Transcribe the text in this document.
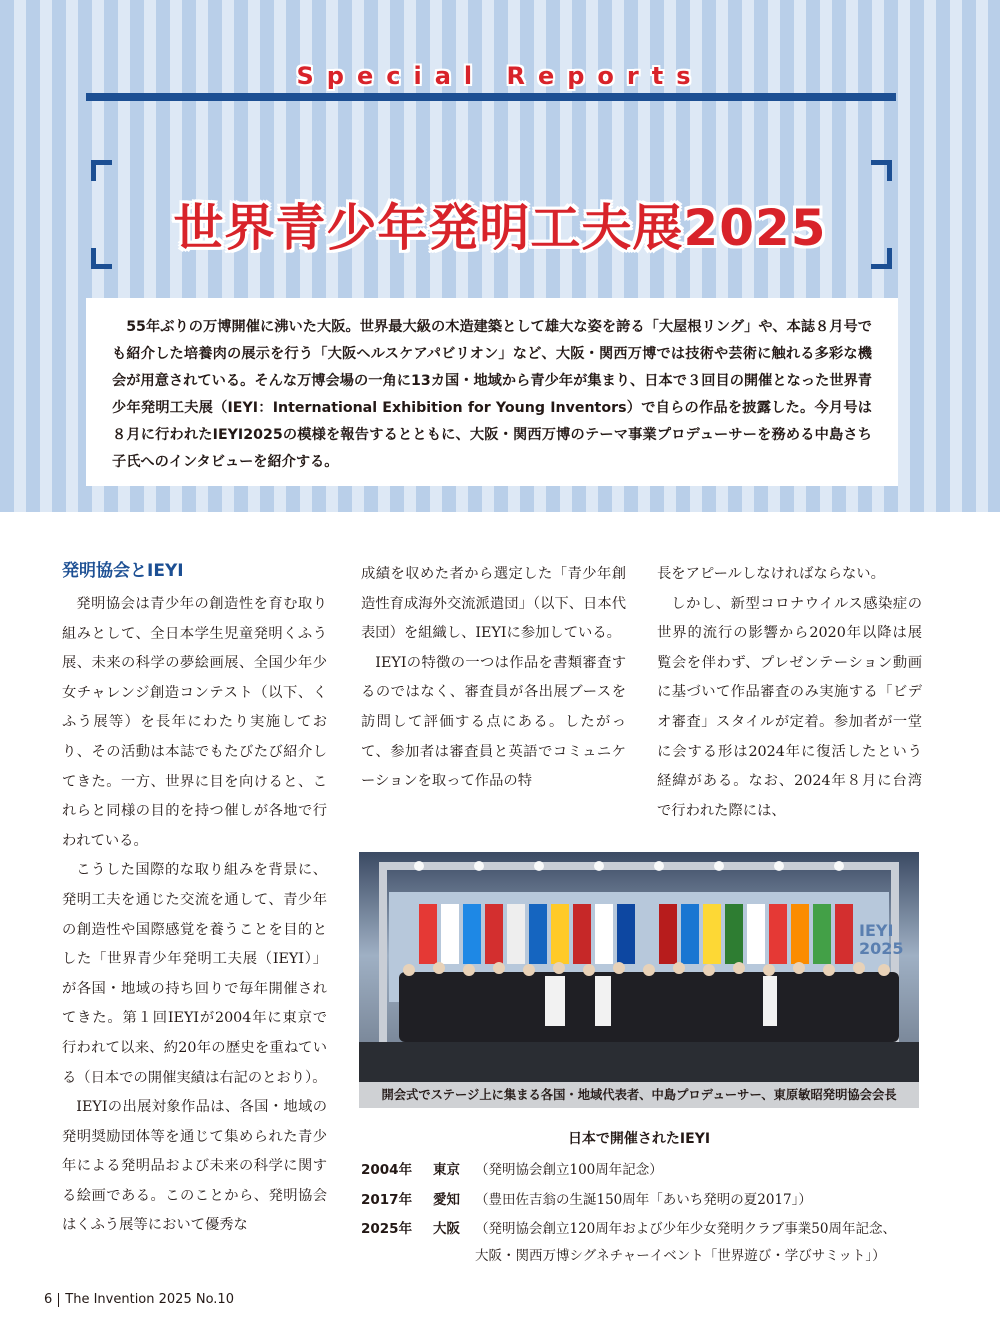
Special Reports
世界青少年発明工夫展2025

55年ぶりの万博開催に沸いた大阪。世界最大級の木造建築として雄大な姿を誇る「大屋根リング」や、本誌８月号でも紹介した培養肉の展示を行う「大阪ヘルスケアパビリオン」など、大阪・関西万博では技術や芸術に触れる多彩な機会が用意されている。そんな万博会場の一角に13カ国・地域から青少年が集まり、日本で３回目の開催となった世界青少年発明工夫展（IEYI：International Exhibition for Young Inventors）で自らの作品を披露した。今月号は８月に行われたIEYI2025の模様を報告するとともに、大阪・関西万博のテーマ事業プロデューサーを務める中島さち子氏へのインタビューを紹介する。

発明協会とIEYI

発明協会は青少年の創造性を育む取り組みとして、全日本学生児童発明くふう展、未来の科学の夢絵画展、全国少年少女チャレンジ創造コンテスト（以下、くふう展等）を長年にわたり実施しており、その活動は本誌でもたびたび紹介してきた。一方、世界に目を向けると、これらと同様の目的を持つ催しが各地で行われている。

こうした国際的な取り組みを背景に、発明工夫を通じた交流を通して、青少年の創造性や国際感覚を養うことを目的とした「世界青少年発明工夫展（IEYI）」が各国・地域の持ち回りで毎年開催されてきた。第１回IEYIが2004年に東京で行われて以来、約20年の歴史を重ねている（日本での開催実績は右記のとおり）。

IEYIの出展対象作品は、各国・地域の発明奨励団体等を通じて集められた青少年による発明品および未来の科学に関する絵画である。このことから、発明協会はくふう展等において優秀な

成績を収めた者から選定した「青少年創造性育成海外交流派遣団」（以下、日本代表団）を組織し、IEYIに参加している。

IEYIの特徴の一つは作品を書類審査するのではなく、審査員が各出展ブースを訪問して評価する点にある。したがって、参加者は審査員と英語でコミュニケーションを取って作品の特

長をアピールしなければならない。

しかし、新型コロナウイルス感染症の世界的流行の影響から2020年以降は展覧会を伴わず、プレゼンテーション動画に基づいて作品審査のみ実施する「ビデオ審査」スタイルが定着。参加者が一堂に会する形は2024年に復活したという経緯がある。なお、2024年８月に台湾で行われた際には、

IEYI 2025
開会式でステージ上に集まる各国・地域代表者、中島プロデューサー、東原敏昭発明協会会長
日本で開催されたIEYI
2004年 東京 （発明協会創立100周年記念）
2017年 愛知 （豊田佐吉翁の生誕150周年「あいち発明の夏2017」）
2025年 大阪 （発明協会創立120周年および少年少女発明クラブ事業50周年記念、
大阪・関西万博シグネチャーイベント「世界遊び・学びサミット」）
6 The Invention 2025 No.10
